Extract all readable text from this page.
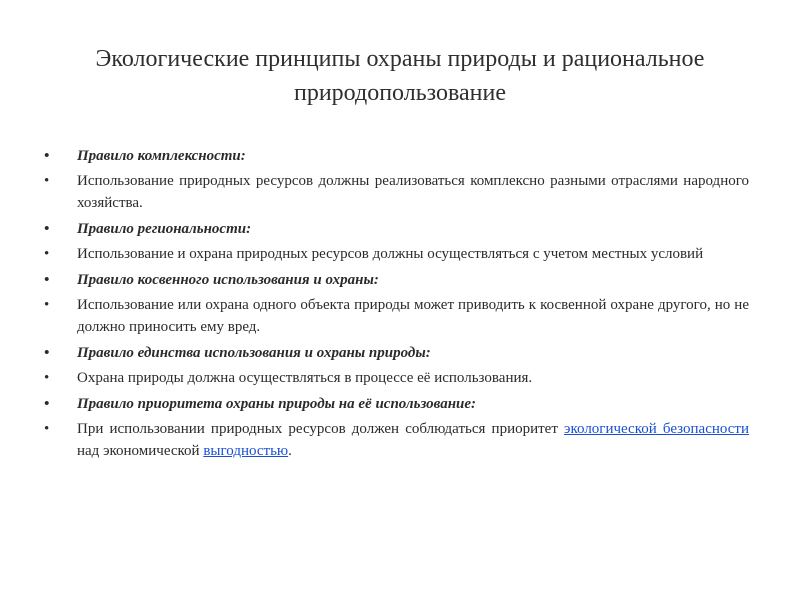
Экологические принципы охраны природы и рациональное
природопользование
• Правило комплексности:
• Использование природных ресурсов должны реализоваться комплексно разными отраслями народного хозяйства.
• Правило региональности:
• Использование и охрана природных ресурсов должны осуществляться с учетом местных условий
• Правило косвенного использования и охраны:
• Использование или охрана одного объекта природы может приводить к косвенной охране другого, но не должно приносить ему вред.
• Правило единства использования и охраны природы:
• Охрана природы должна осуществляться в процессе её использования.
• Правило приоритета охраны природы на её использование:
• При использовании природных ресурсов должен соблюдаться приоритет экологической безопасности над экономической выгодностью.
